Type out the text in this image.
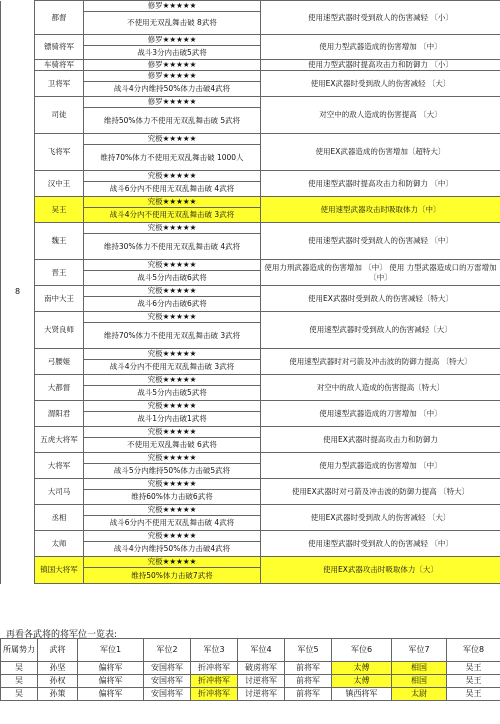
8	都督	修罗★★★★★	使用速型武器时受到敌人的伤害减轻 〔小〕
		不使用无双乱舞击破 8武将	
	镖骑将军	修罗★★★★★	使用力型武器造成的伤害增加 〔中〕
		战斗3分内击破5武将	
	车骑将军	修罗★★★★★	使用力型武器时提高攻击力和防御力 〔小〕
	卫将军	修罗★★★★★	使用EX武器时受到敌人的伤害减轻 〔大〕
		战斗4分内维持50%体力击破4武将	
	司徒	修罗★★★★★	对空中的敌人造成的伤害提高 〔大〕
		维持50%体力不使用无双乱舞击破 5武将	
	飞将军	究极★★★★★	使用EX武器造成的伤害增加〔超特大〕
		维持70%体力不使用无双乱舞击破 1000人	
	汉中王	究极★★★★★	使用速型武器时提高攻击力和防御力 〔中〕
		战斗6分内不使用无双乱舞击破 4武将	
	吴王	究极★★★★★	使用速型武器攻击时吸取体力〔中〕
		战斗4分内不使用无双乱舞击破 3武将	
	魏王	究极★★★★★	使用速型武器时受到敌人的伤害减轻 〔中〕
		维持30%体力不使用无双乱舞击破 4武将	
	晋王	究极★★★★★	使用力刑武器造成的伤害增加 〔中〕 使用 力型武器造成口的万雷增加 〔中〕
		战斗5分内击破6武将	
	南中大王	究极★★★★★	使用EX武器时受到敌人的伤害减轻〔特大〕
		战斗6分内击破6武将	
	大贤良师	究极★★★★★	使用速型武器时受到敌人的伤害减轻〔大〕
		维持70%体力不使用无双乱舞击破 3武将	
	弓腰姬	究极★★★★★	使用速型武器时对弓箭及冲击波的防御力提高 〔特大〕
		战斗4分内不使用无双乱舞击破 3武将	
	大都督	究极★★★★★	对空中的敌人造成的伤害提高〔特大〕
		战斗5分内击破5武将	
	渭阳君	究极★★★★★	使用速型武器造成的刀害增加 〔中〕
		战斗1分内击破1武将	
	五虎大将军	究极★★★★★	使用EX武器时提高攻击力和防御力
		不使用无双乱舞击破 6武将	
	大将军	究极★★★★★	使用力型武器造成的伤害增加 〔中〕
		战斗5分内维持50%体力击破5武将	
	大司马	究极★★★★★	使用EX武器时对弓箭及冲击波的防御力提高 〔特大〕
		维持60%体力击破6武将	
	丞相	究极★★★★★	使用EX武器时受到敌人的伤害减轻 〔大〕
		战斗6分内不使用无双乱舞击破 4武将	
	太师	究极★★★★★	使用速型武器时受到敌人的伤害减轻 〔中〕
		战斗4分内维持50%体力击破4武将	
	镇国大将军	究极★★★★★	使用EX武器攻击时吸取体力〔大〕
		维持50%体力击破7武将	
再看各武将的将军位一览表:
所属势力	武将	军位1	军位2	军位3	军位4	军位5	军位6	军位7	军位8
吴	孙坚	偏将军	安国将军	折冲将军	破虏将军	前将军	太傅	相国	吴王
吴	孙权	偏将军	安国将军	折冲将军	讨逆将军	前将军	太傅	相国	吴王
吴	孙策	偏将军	安国将军	折冲将军	讨逆将军	前将军	镇西将军	太尉	吴王
